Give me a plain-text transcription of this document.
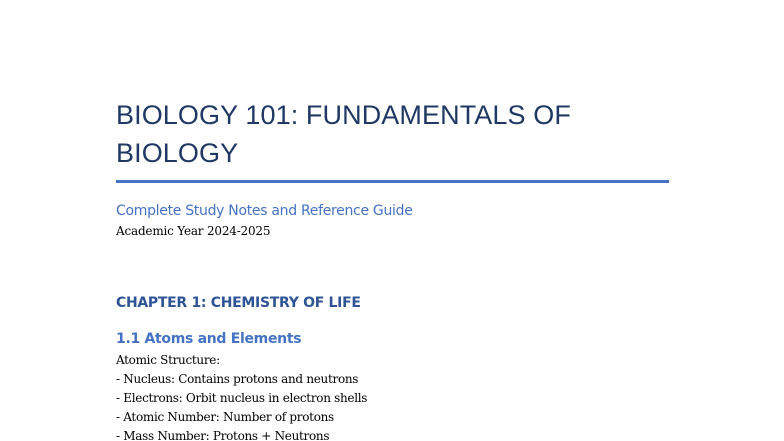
BIOLOGY 101: FUNDAMENTALS OF BIOLOGY
Complete Study Notes and Reference Guide
Academic Year 2024-2025
CHAPTER 1: CHEMISTRY OF LIFE
1.1 Atoms and Elements
Atomic Structure:
- Nucleus: Contains protons and neutrons
- Electrons: Orbit nucleus in electron shells
- Atomic Number: Number of protons
- Mass Number: Protons + Neutrons
